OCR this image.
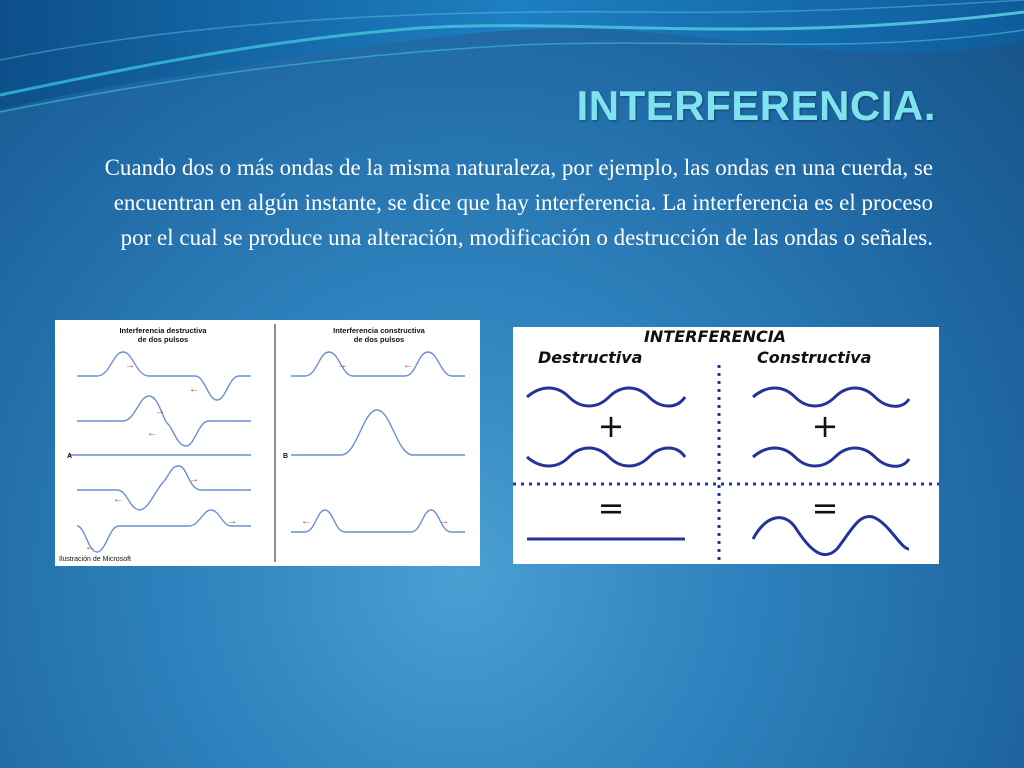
INTERFERENCIA.
Cuando dos o más ondas de la misma naturaleza, por ejemplo, las ondas en una cuerda, se encuentran en algún instante, se dice que hay interferencia. La interferencia es el proceso por el cual se produce una alteración, modificación o destrucción de las ondas o señales.
Interferencia destructiva
de dos pulsos
Interferencia constructiva
de dos pulsos
→
←
→
←
→
←
→
←
→	←
←	→
A	B
Ilustración de Microsoft
INTERFERENCIA
Destructiva	Constructiva
+	+
=	=
